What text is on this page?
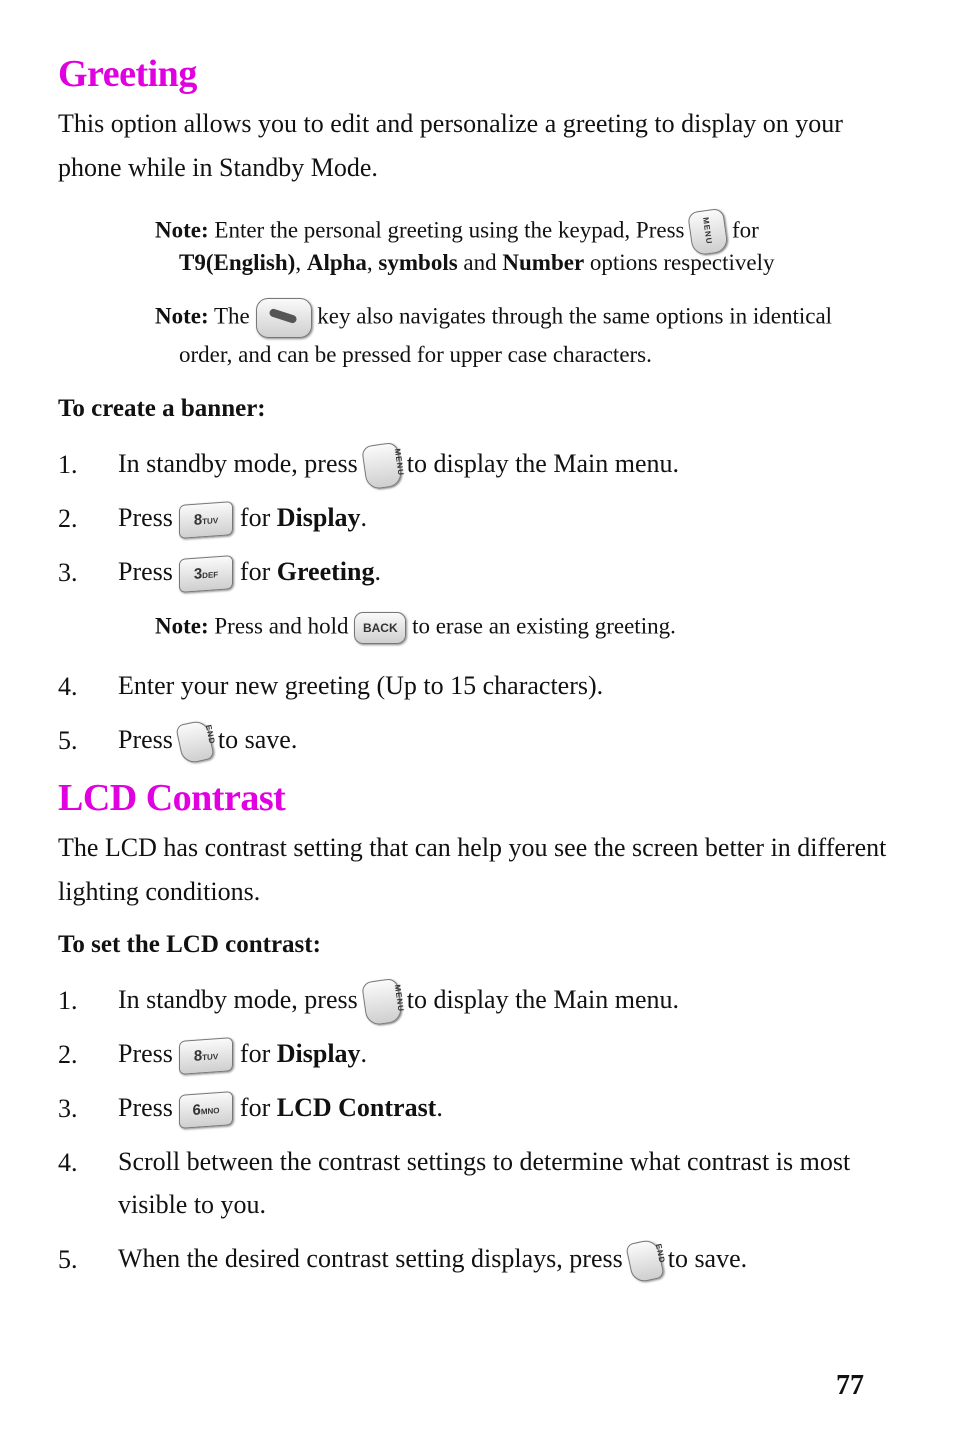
Greeting
This option allows you to edit and personalize a greeting to display on your
phone while in Standby Mode.
Note: Enter the personal greeting using the keypad, Press MENU for
T9(English), Alpha, symbols and Number options respectively
Note: The	key also navigates through the same options in identical
order, and can be pressed for upper case characters.
To create a banner:
1. In standby mode, press	MENU to display the Main menu.
2. Press 8TUV for Display.
3. Press 3DEF for Greeting.
Note: Press and hold BACK to erase an existing greeting.
4. Enter your new greeting (Up to 15 characters).
5. Press	END to save.
LCD Contrast
The LCD has contrast setting that can help you see the screen better in different
lighting conditions.
To set the LCD contrast:
1. In standby mode, press	MENU to display the Main menu.
2. Press 8TUV for Display.
3. Press 6MNO for LCD Contrast.
4. Scroll between the contrast settings to determine what contrast is most
visible to you.
5. When the desired contrast setting displays, press	END to save.
77
